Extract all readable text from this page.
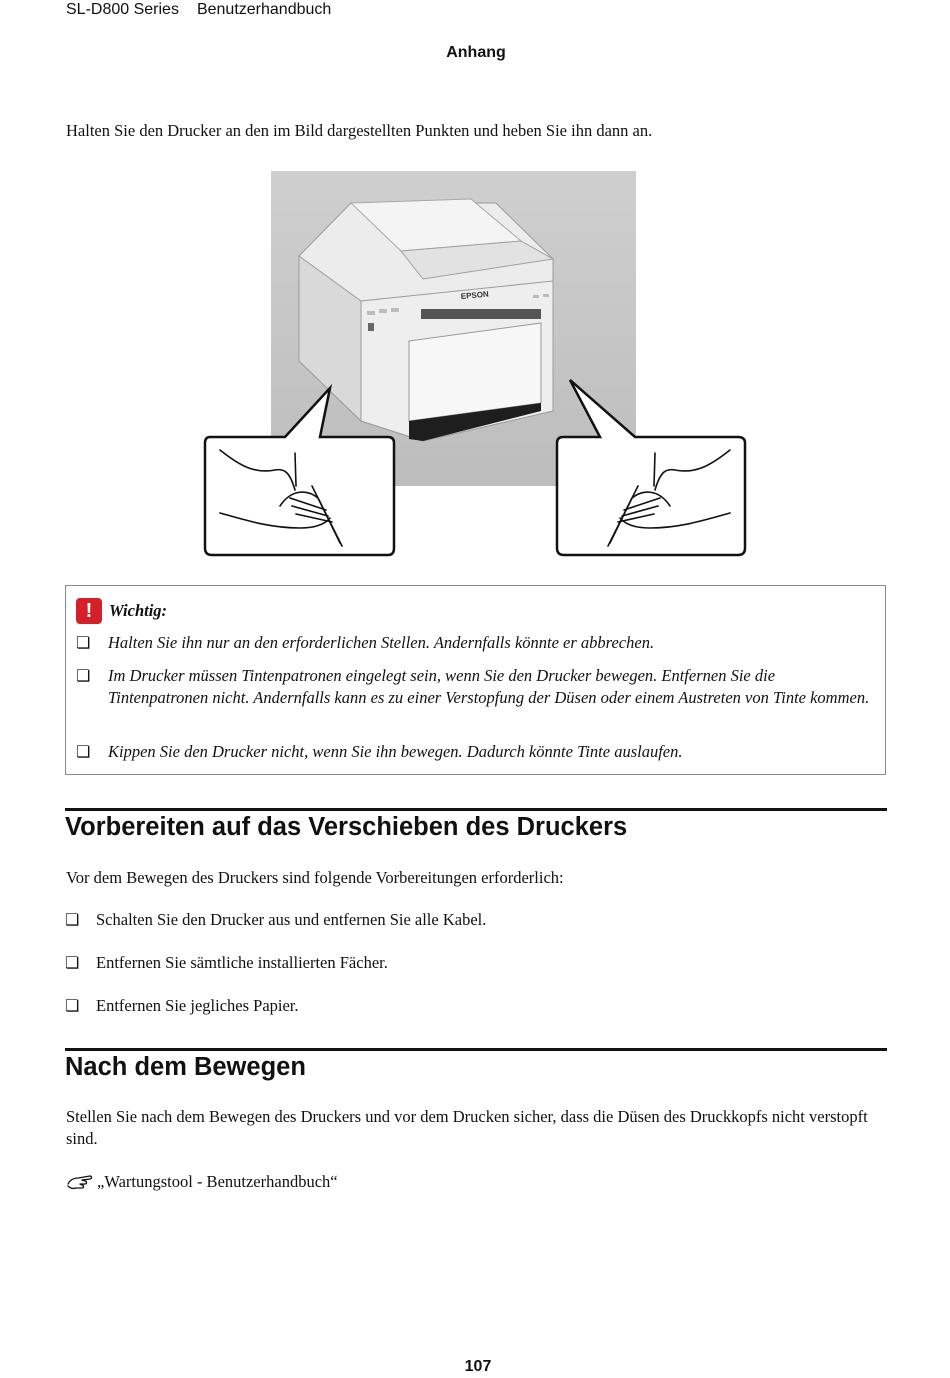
SL-D800 Series Benutzerhandbuch
Anhang
Halten Sie den Drucker an den im Bild dargestellten Punkten und heben Sie ihn dann an.
EPSON
!	Wichtig:
❏	Halten Sie ihn nur an den erforderlichen Stellen. Andernfalls könnte er abbrechen.
❏	Im Drucker müssen Tintenpatronen eingelegt sein, wenn Sie den Drucker bewegen. Entfernen Sie die Tintenpatronen nicht. Andernfalls kann es zu einer Verstopfung der Düsen oder einem Austreten von Tinte kommen.
❏	Kippen Sie den Drucker nicht, wenn Sie ihn bewegen. Dadurch könnte Tinte auslaufen.
Vorbereiten auf das Verschieben des Druckers
Vor dem Bewegen des Druckers sind folgende Vorbereitungen erforderlich:
❏	Schalten Sie den Drucker aus und entfernen Sie alle Kabel.
❏	Entfernen Sie sämtliche installierten Fächer.
❏	Entfernen Sie jegliches Papier.
Nach dem Bewegen
Stellen Sie nach dem Bewegen des Druckers und vor dem Drucken sicher, dass die Düsen des Druckkopfs nicht verstopft sind.
„Wartungstool - Benutzerhandbuch“
107
